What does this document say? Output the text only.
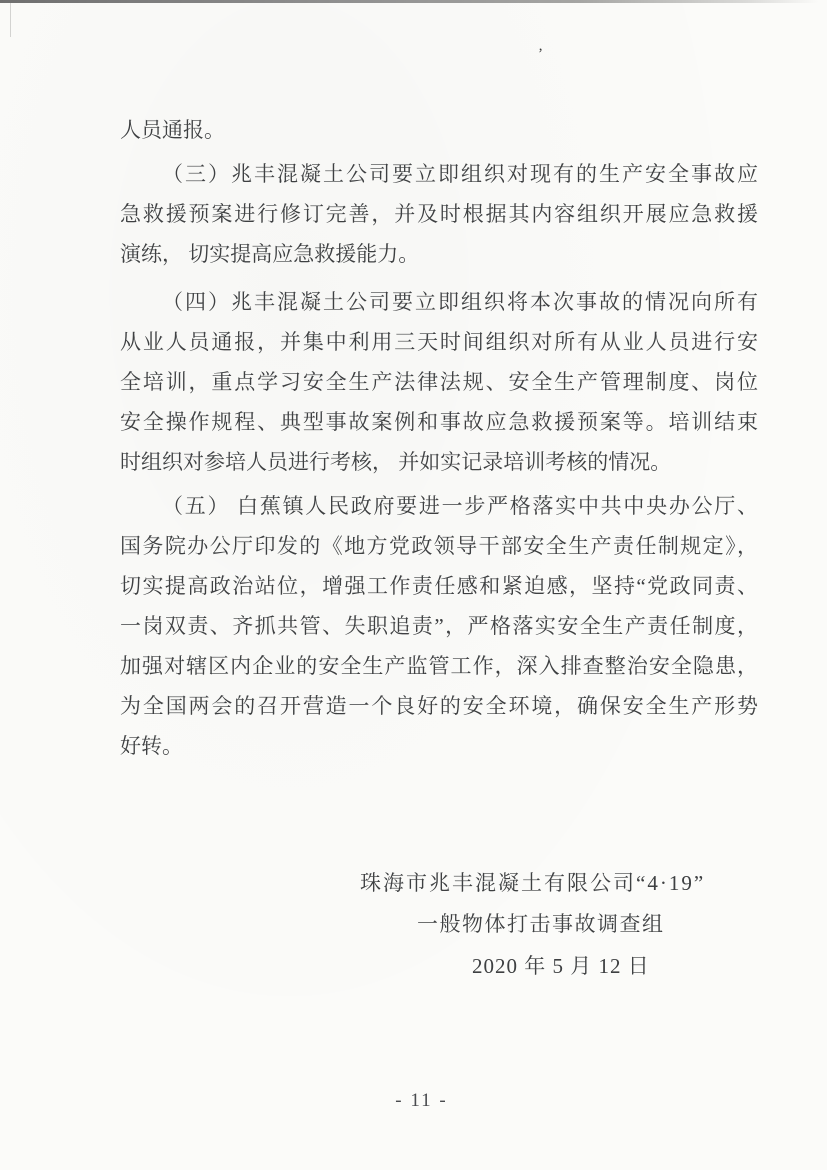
’
人员通报。
（三）兆丰混凝土公司要立即组织对现有的生产安全事故应
急救援预案进行修订完善，并及时根据其内容组织开展应急救援
演练， 切实提高应急救援能力。
（四）兆丰混凝土公司要立即组织将本次事故的情况向所有
从业人员通报，并集中利用三天时间组织对所有从业人员进行安
全培训，重点学习安全生产法律法规、安全生产管理制度、岗位
安全操作规程、典型事故案例和事故应急救援预案等。培训结束
时组织对参培人员进行考核， 并如实记录培训考核的情况。
（五） 白蕉镇人民政府要进一步严格落实中共中央办公厅、
国务院办公厅印发的《地方党政领导干部安全生产责任制规定》，
切实提高政治站位，增强工作责任感和紧迫感，坚持“党政同责、
一岗双责、齐抓共管、失职追责”，严格落实安全生产责任制度，
加强对辖区内企业的安全生产监管工作，深入排查整治安全隐患，
为全国两会的召开营造一个良好的安全环境，确保安全生产形势
好转。
珠海市兆丰混凝土有限公司“4·19”
一般物体打击事故调查组
2020 年 5 月 12 日
- 11 -
